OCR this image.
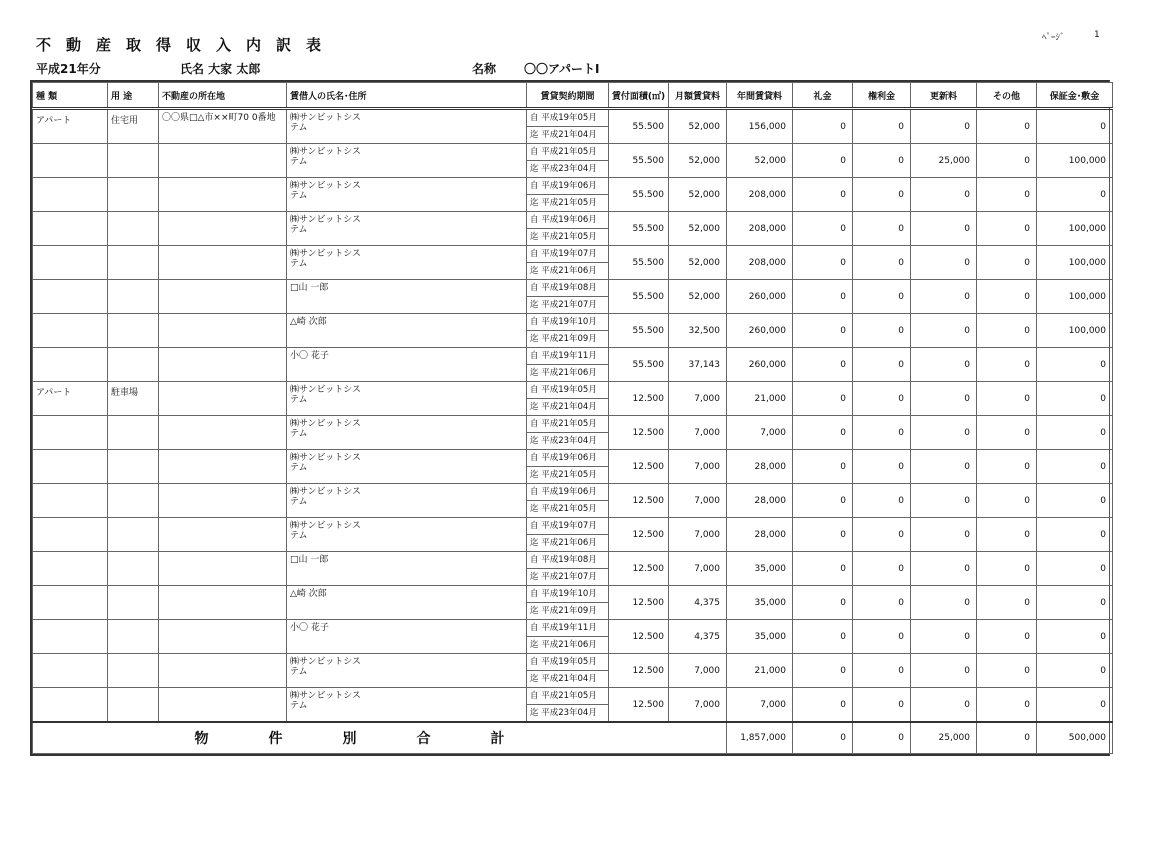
不動産取得収入内訳表	ﾍﾟｰｼﾞ	1
平成21年分	氏名 大家 太郎	名称 〇〇アパートⅠ
種 類	用 途	不動産の所在地	賃借人の氏名･住所	賃貸契約期間	賃付面積(㎡)	月額賃貸料	年間賃貸料	礼金	権利金	更新料	その他	保証金･敷金
アパート	住宅用	〇〇県□△市××町70 0番地	㈱サンビットシステム	自 平成19年05月
迄 平成21年04月	55.500	52,000	156,000	0	0	0	0	0
			㈱サンビットシステム	自 平成21年05月
迄 平成23年04月	55.500	52,000	52,000	0	0	25,000	0	100,000
			㈱サンビットシステム	自 平成19年06月
迄 平成21年05月	55.500	52,000	208,000	0	0	0	0	0
			㈱サンビットシステム	自 平成19年06月
迄 平成21年05月	55.500	52,000	208,000	0	0	0	0	100,000
			㈱サンビットシステム	自 平成19年07月
迄 平成21年06月	55.500	52,000	208,000	0	0	0	0	100,000
			□山 一郎	自 平成19年08月
迄 平成21年07月	55.500	52,000	260,000	0	0	0	0	100,000
			△崎 次郎	自 平成19年10月
迄 平成21年09月	55.500	32,500	260,000	0	0	0	0	100,000
			小〇 花子	自 平成19年11月
迄 平成21年06月	55.500	37,143	260,000	0	0	0	0	0
アパート	駐車場		㈱サンビットシステム	自 平成19年05月
迄 平成21年04月	12.500	7,000	21,000	0	0	0	0	0
			㈱サンビットシステム	自 平成21年05月
迄 平成23年04月	12.500	7,000	7,000	0	0	0	0	0
			㈱サンビットシステム	自 平成19年06月
迄 平成21年05月	12.500	7,000	28,000	0	0	0	0	0
			㈱サンビットシステム	自 平成19年06月
迄 平成21年05月	12.500	7,000	28,000	0	0	0	0	0
			㈱サンビットシステム	自 平成19年07月
迄 平成21年06月	12.500	7,000	28,000	0	0	0	0	0
			□山 一郎	自 平成19年08月
迄 平成21年07月	12.500	7,000	35,000	0	0	0	0	0
			△崎 次郎	自 平成19年10月
迄 平成21年09月	12.500	4,375	35,000	0	0	0	0	0
			小〇 花子	自 平成19年11月
迄 平成21年06月	12.500	4,375	35,000	0	0	0	0	0
			㈱サンビットシステム	自 平成19年05月
迄 平成21年04月	12.500	7,000	21,000	0	0	0	0	0
			㈱サンビットシステム	自 平成21年05月
迄 平成23年04月	12.500	7,000	7,000	0	0	0	0	0
物件別合計							1,857,000	0	0	25,000	0	500,000
